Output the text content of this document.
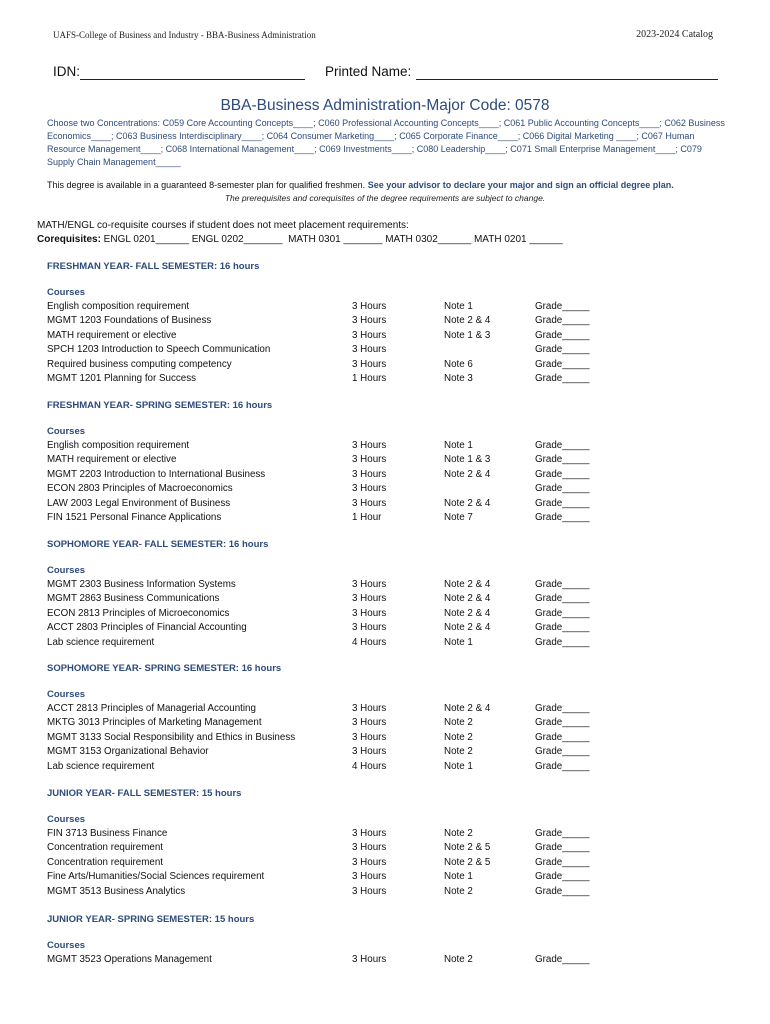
UAFS-College of Business and Industry - BBA-Business Administration	2023-2024 Catalog
IDN:	Printed Name:
BBA-Business Administration-Major Code: 0578
Choose two Concentrations: C059 Core Accounting Concepts____; C060 Professional Accounting Concepts____; C061 Public Accounting Concepts____; C062 Business Economics____; C063 Business Interdisciplinary____; C064 Consumer Marketing____; C065 Corporate Finance____; C066 Digital Marketing ____; C067 Human Resource Management____; C068 International Management____; C069 Investments____; C080 Leadership____; C071 Small Enterprise Management____; C079 Supply Chain Management_____
This degree is available in a guaranteed 8-semester plan for qualified freshmen. See your advisor to declare your major and sign an official degree plan.
The prerequisites and corequisites of the degree requirements are subject to change.
MATH/ENGL co-requisite courses if student does not meet placement requirements:
Corequisites: ENGL 0201______ ENGL 0202_______  MATH 0301 _______ MATH 0302______ MATH 0201 ______
FRESHMAN YEAR- FALL SEMESTER: 16 hours
Courses
English composition requirement	3 Hours	Note 1	Grade_____
MGMT 1203 Foundations of Business	3 Hours	Note 2 & 4	Grade_____
MATH requirement or elective	3 Hours	Note 1 & 3	Grade_____
SPCH 1203 Introduction to Speech Communication	3 Hours	Grade_____
Required business computing competency	3 Hours	Note 6	Grade_____
MGMT 1201 Planning for Success	1 Hours	Note 3	Grade_____
FRESHMAN YEAR- SPRING SEMESTER: 16 hours
Courses
English composition requirement	3 Hours	Note 1	Grade_____
MATH requirement or elective	3 Hours	Note 1 & 3	Grade_____
MGMT 2203 Introduction to International Business	3 Hours	Note 2 & 4	Grade_____
ECON 2803 Principles of Macroeconomics	3 Hours	Grade_____
LAW 2003 Legal Environment of Business	3 Hours	Note 2 & 4	Grade_____
FIN 1521 Personal Finance Applications	1 Hour	Note 7	Grade_____
SOPHOMORE YEAR- FALL SEMESTER: 16 hours
Courses
MGMT 2303 Business Information Systems	3 Hours	Note 2 & 4	Grade_____
MGMT 2863 Business Communications	3 Hours	Note 2 & 4	Grade_____
ECON 2813 Principles of Microeconomics	3 Hours	Note 2 & 4	Grade_____
ACCT 2803 Principles of Financial Accounting	3 Hours	Note 2 & 4	Grade_____
Lab science requirement	4 Hours	Note 1	Grade_____
SOPHOMORE YEAR- SPRING SEMESTER: 16 hours
Courses
ACCT 2813 Principles of Managerial Accounting	3 Hours	Note 2 & 4	Grade_____
MKTG 3013 Principles of Marketing Management	3 Hours	Note 2	Grade_____
MGMT 3133 Social Responsibility and Ethics in Business	3 Hours	Note 2	Grade_____
MGMT 3153 Organizational Behavior	3 Hours	Note 2	Grade_____
Lab science requirement	4 Hours	Note 1	Grade_____
JUNIOR YEAR- FALL SEMESTER: 15 hours
Courses
FIN 3713 Business Finance	3 Hours	Note 2	Grade_____
Concentration requirement	3 Hours	Note 2 & 5	Grade_____
Concentration requirement	3 Hours	Note 2 & 5	Grade_____
Fine Arts/Humanities/Social Sciences requirement	3 Hours	Note 1	Grade_____
MGMT 3513 Business Analytics	3 Hours	Note 2	Grade_____
JUNIOR YEAR- SPRING SEMESTER: 15 hours
Courses
MGMT 3523 Operations Management	3 Hours	Note 2	Grade_____
